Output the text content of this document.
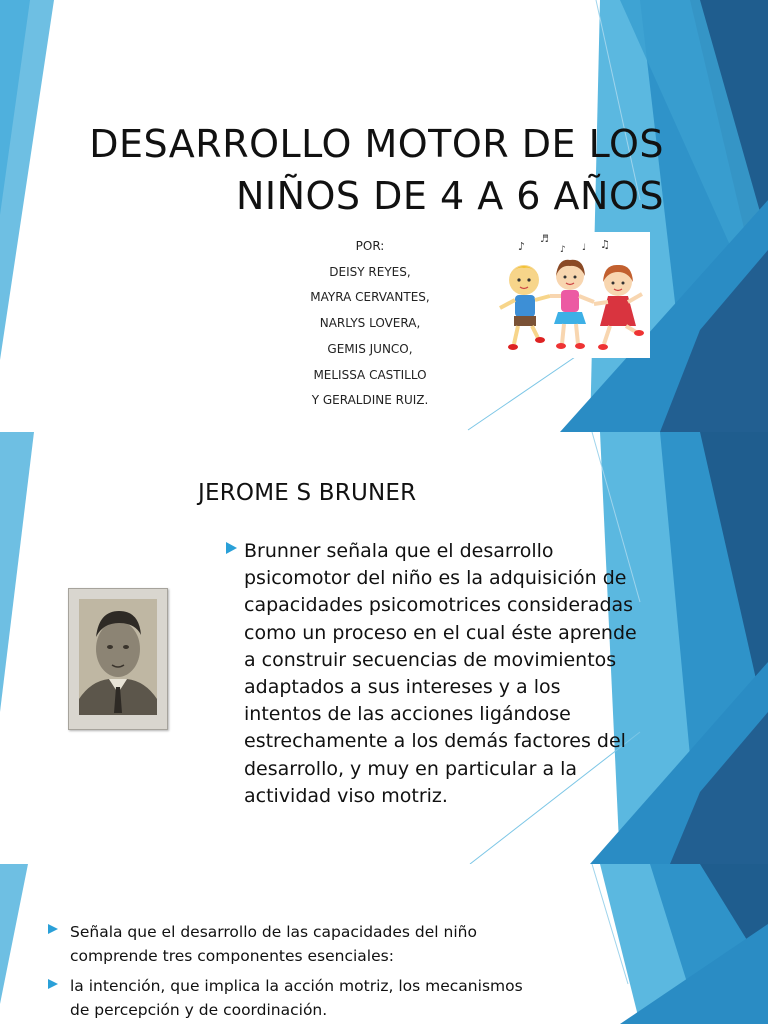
DESARROLLO MOTOR DE LOS
NIÑOS DE 4 A 6 AÑOS
POR:
DEISY REYES,
MAYRA CERVANTES,
NARLYS LOVERA,
GEMIS JUNCO,
MELISSA CASTILLO
Y GERALDINE RUIZ.
♪
♬
♪ ♩ ♫
JEROME S BRUNER
Brunner señala que el desarrollo
psicomotor del niño es la adquisición de
capacidades psicomotrices consideradas
como un proceso en el cual éste aprende
a construir secuencias de movimientos
adaptados a sus intereses y a los
intentos de las acciones ligándose
estrechamente a los demás factores del
desarrollo, y muy en particular a la
actividad viso motriz.
Señala que el desarrollo de las capacidades del niño
comprende tres componentes esenciales:
la intención, que implica la acción motriz, los mecanismos
de percepción y de coordinación.
